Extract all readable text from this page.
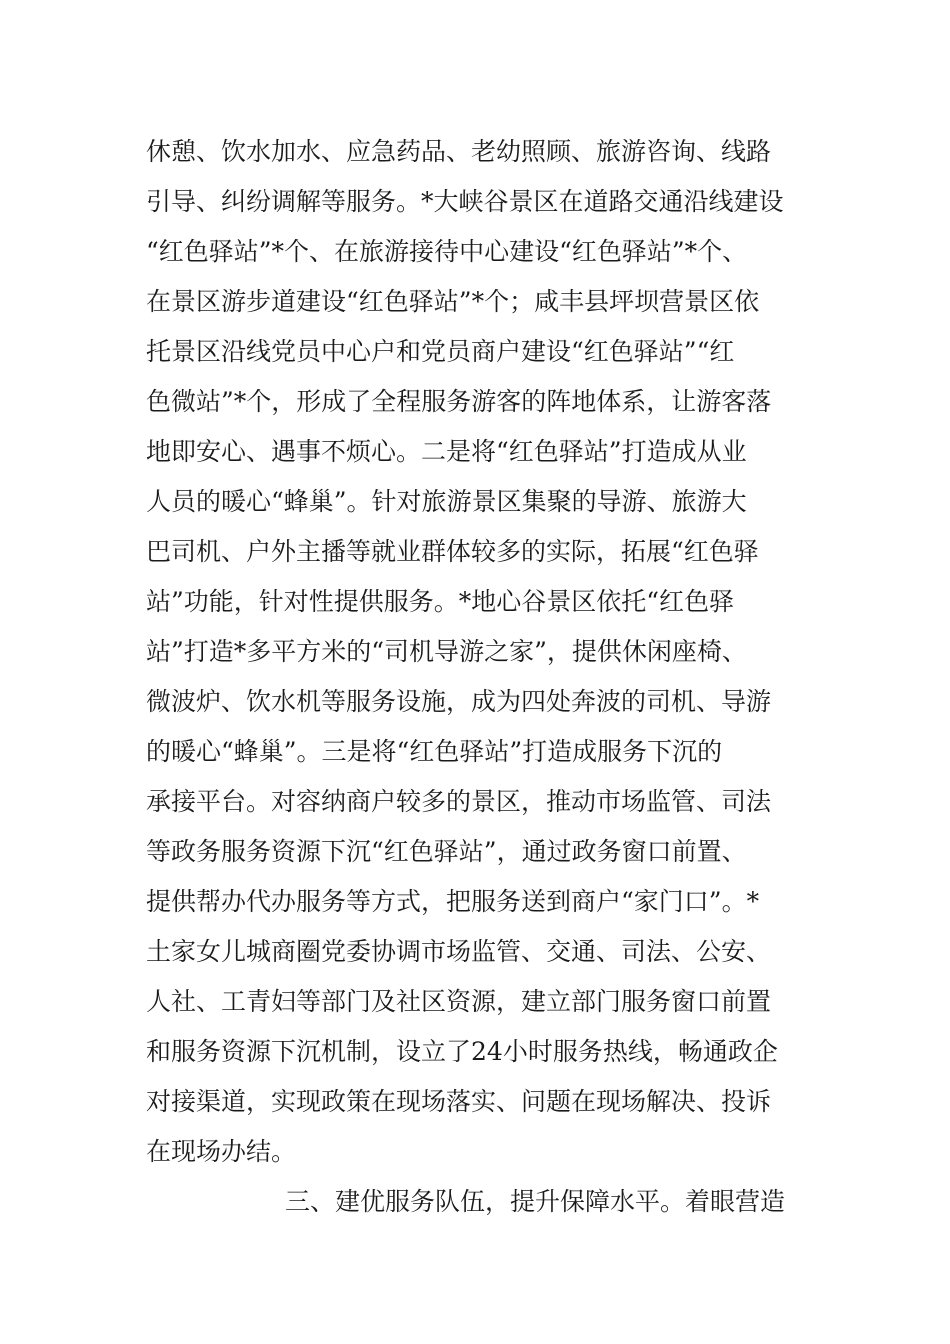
休憩、饮水加水、应急药品、老幼照顾、旅游咨询、线路
引导、纠纷调解等服务。*大峡谷景区在道路交通沿线建设
“红色驿站”*个、在旅游接待中心建设“红色驿站”*个、
在景区游步道建设“红色驿站”*个；咸丰县坪坝营景区依
托景区沿线党员中心户和党员商户建设“红色驿站”“红
色微站”*个，形成了全程服务游客的阵地体系，让游客落
地即安心、遇事不烦心。二是将“红色驿站”打造成从业
人员的暖心“蜂巢”。针对旅游景区集聚的导游、旅游大
巴司机、户外主播等就业群体较多的实际，拓展“红色驿
站”功能，针对性提供服务。*地心谷景区依托“红色驿
站”打造*多平方米的“司机导游之家”，提供休闲座椅、
微波炉、饮水机等服务设施，成为四处奔波的司机、导游
的暖心“蜂巢”。三是将“红色驿站”打造成服务下沉的
承接平台。对容纳商户较多的景区，推动市场监管、司法
等政务服务资源下沉“红色驿站”，通过政务窗口前置、
提供帮办代办服务等方式，把服务送到商户“家门口”。*
土家女儿城商圈党委协调市场监管、交通、司法、公安、
人社、工青妇等部门及社区资源，建立部门服务窗口前置
和服务资源下沉机制，设立了24小时服务热线，畅通政企
对接渠道，实现政策在现场落实、问题在现场解决、投诉
在现场办结。
三、建优服务队伍，提升保障水平。着眼营造
